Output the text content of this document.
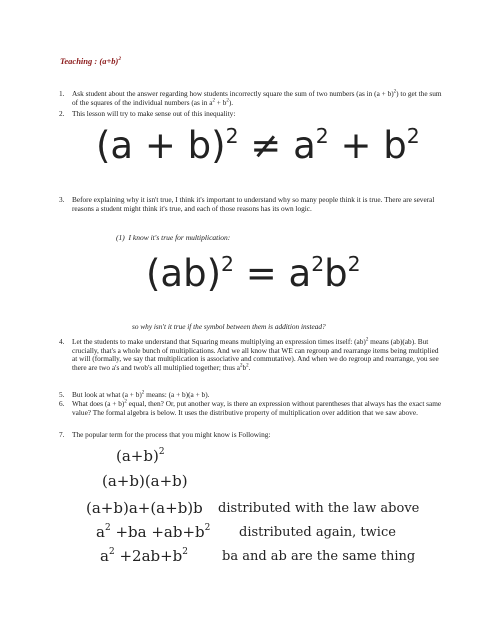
Teaching : $(a+b)^2$
1. Ask student about the answer regarding how students incorrectly square the sum of two numbers (as in $(a + b)^2$) to get the sum of the squares of the individual numbers (as in $a^2 + b^2$).
2. This lesson will try to make sense out of this inequality:
$(a + b)^2 \ne a^2 + b^2$
3. Before explaining why it isn't true, I think it's important to understand why so many people think it is true. There are several reasons a student might think it's true, and each of those reasons has its own logic.
(1) I know it's true for multiplication:
$(ab)^2 = a^2b^2$
so why isn't it true if the symbol between them is addition instead?
4. Let the students to make understand that Squaring means multiplying an expression times itself: (ab)$^2$ means (ab)(ab). But crucially, that's a whole bunch of multiplications. And we all know that WE can regroup and rearrange items being multiplied at will (formally, we say that multiplication is associative and commutative). And when we do regroup and rearrange, you see there are two a's and twob's all multiplied together; thus $a^2b^2$.
5. But look at what $(a + b)^2$ means: (a + b)(a + b).
6. What does $(a + b)^2$ equal, then? Or, put another way, is there an expression without parentheses that always has the exact same value? The formal algebra is below. It uses the distributive property of multiplication over addition that we saw above.
7. The popular term for the process that you might know is Following:
$(a+b)^2$
(a+b)(a+b)
(a+b)a+(a+b)b distributed with the law above
$a^2 +ba +ab+b^2$ distributed again, twice
$a^2 +2ab+b^2$	ba and ab are the same thing
